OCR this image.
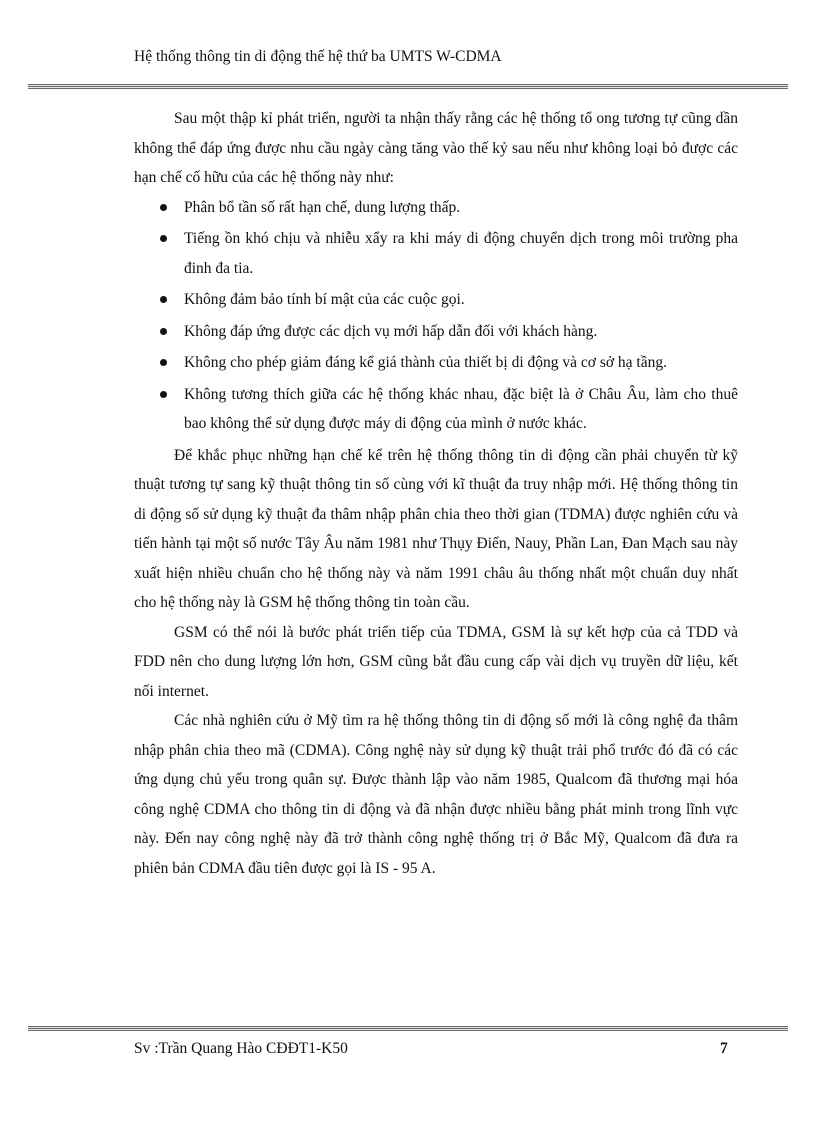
Hệ thống thông tin di động thế hệ thứ ba UMTS W-CDMA

Sau một thập kỉ phát triển, người ta nhận thấy rằng các hệ thống tổ ong tương tự cũng dần không thể đáp ứng được nhu cầu ngày càng tăng vào thế kỷ sau nếu như không loại bỏ được các hạn chế cố hữu của các hệ thống này như:

Phân bổ tần số rất hạn chế, dung lượng thấp.
Tiếng ồn khó chịu và nhiễu xẩy ra khi máy di động chuyển dịch trong môi trường pha đinh đa tia.
Không đảm bảo tính bí mật của các cuộc gọi.
Không đáp ứng được các dịch vụ mới hấp dẫn đối với khách hàng.
Không cho phép giảm đáng kể giá thành của thiết bị di động và cơ sở hạ tầng.
Không tương thích giữa các hệ thống khác nhau, đặc biệt là ở Châu Âu, làm cho thuê bao không thể sử dụng được máy di động của mình ở nước khác.

Để khắc phục những hạn chế kể trên hệ thống thông tin di động cần phải chuyển từ kỹ thuật tương tự sang kỹ thuật thông tin số cùng với kĩ thuật đa truy nhập mới. Hệ thống thông tin di động số sử dụng kỹ thuật đa thâm nhập phân chia theo thời gian (TDMA) được nghiên cứu và tiến hành tại một số nước Tây Âu năm 1981 như Thụy Điển, Nauy, Phần Lan, Đan Mạch sau này xuất hiện nhiều chuẩn cho hệ thống này và năm 1991 châu âu thống nhất một chuẩn duy nhất cho hệ thống này là GSM hệ thống thông tin toàn cầu.

GSM có thể nói là bước phát triển tiếp của TDMA, GSM là sự kết hợp của cả TDD và FDD nên cho dung lượng lớn hơn, GSM cũng bắt đầu cung cấp vài dịch vụ truyền dữ liệu, kết nối internet.

Các nhà nghiên cứu ở Mỹ tìm ra hệ thống thông tin di động số mới là công nghệ đa thâm nhập phân chia theo mã (CDMA). Công nghệ này sử dụng kỹ thuật trải phổ trước đó đã có các ứng dụng chủ yếu trong quân sự. Được thành lập vào năm 1985, Qualcom đã thương mại hóa công nghệ CDMA cho thông tin di động và đã nhận được nhiều bằng phát minh trong lĩnh vực này. Đến nay công nghệ này đã trở thành công nghệ thống trị ở Bắc Mỹ, Qualcom đã đưa ra phiên bản CDMA đầu tiên được gọi là IS - 95 A.

Sv :Trần Quang Hào CĐĐT1-K50	7
